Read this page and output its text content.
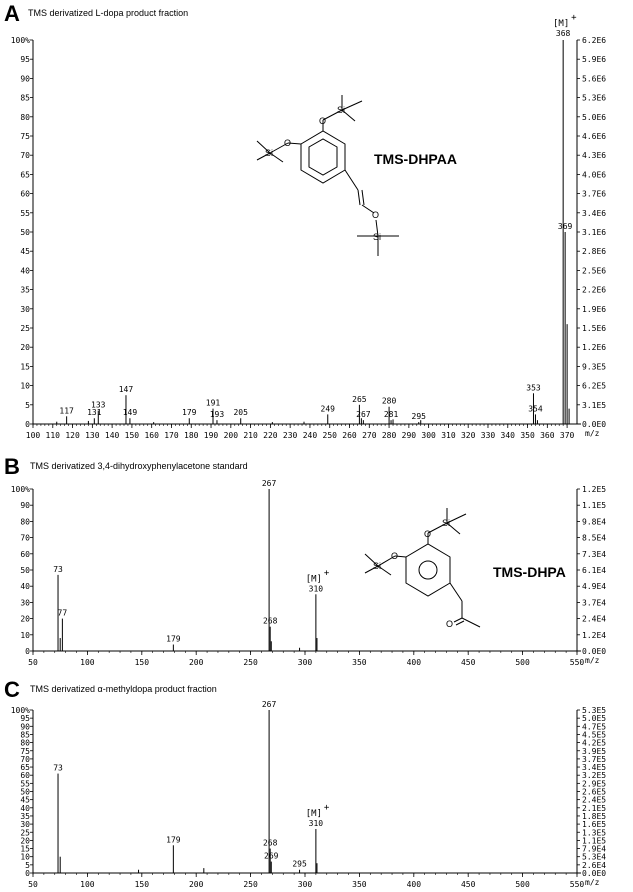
A TMS derivatized L-dopa product fraction
100%
95
90
85
80
75
70
65
60
55
50
45
40
35
30
25
20
15
10
5
0
6.2E6
5.9E6
5.6E6
5.3E6
5.0E6
4.6E6
4.3E6
4.0E6
3.7E6
3.4E6
3.1E6
2.8E6
2.5E6
2.2E6
1.9E6
1.5E6
1.2E6
9.3E5
6.2E5
3.1E5
0.0E0
100 110 120 130 140 150 160 170 180 190 200 210 220 230 240 250 260 270 280 290 300 310 320 330 340 350 360 370 m/z
117 131
133
147
149	179
191
193 205	249
265
267
280
281 295
353
354
368
369
[M]
+
O
Si
O
Si
O
Si
TMS-DHPAA
B TMS derivatized 3,4-dihydroxyphenylacetone standard
100%
90
80
70
60
50
40
30
20
10
0
1.2E5
1.1E5
9.8E4
8.5E4
7.3E4
6.1E4
4.9E4
3.7E4
2.4E4
1.2E4
0.0E0
50	100	150	200	250	300	350	400	450	500	550 m/z
73
77
179
267
268
310
[M]
+
O
Si
O
Si
O
TMS-DHPA
C TMS derivatized α-methyldopa product fraction
100%
95
90
85
80
75
70
65
60
55
50
45
40
35
30
25
20
15
10
5
0
5.3E5
5.0E5
4.7E5
4.5E5
4.2E5
3.9E5
3.7E5
3.4E5
3.2E5
2.9E5
2.6E5
2.4E5
2.1E5
1.8E5
1.6E5
1.3E5
1.1E5
7.9E4
5.3E4
2.6E4
0.0E0
50	100	150	200	250	300	350	400	450	500	550 m/z
73
179
267
268
269
295
310
[M]
+
